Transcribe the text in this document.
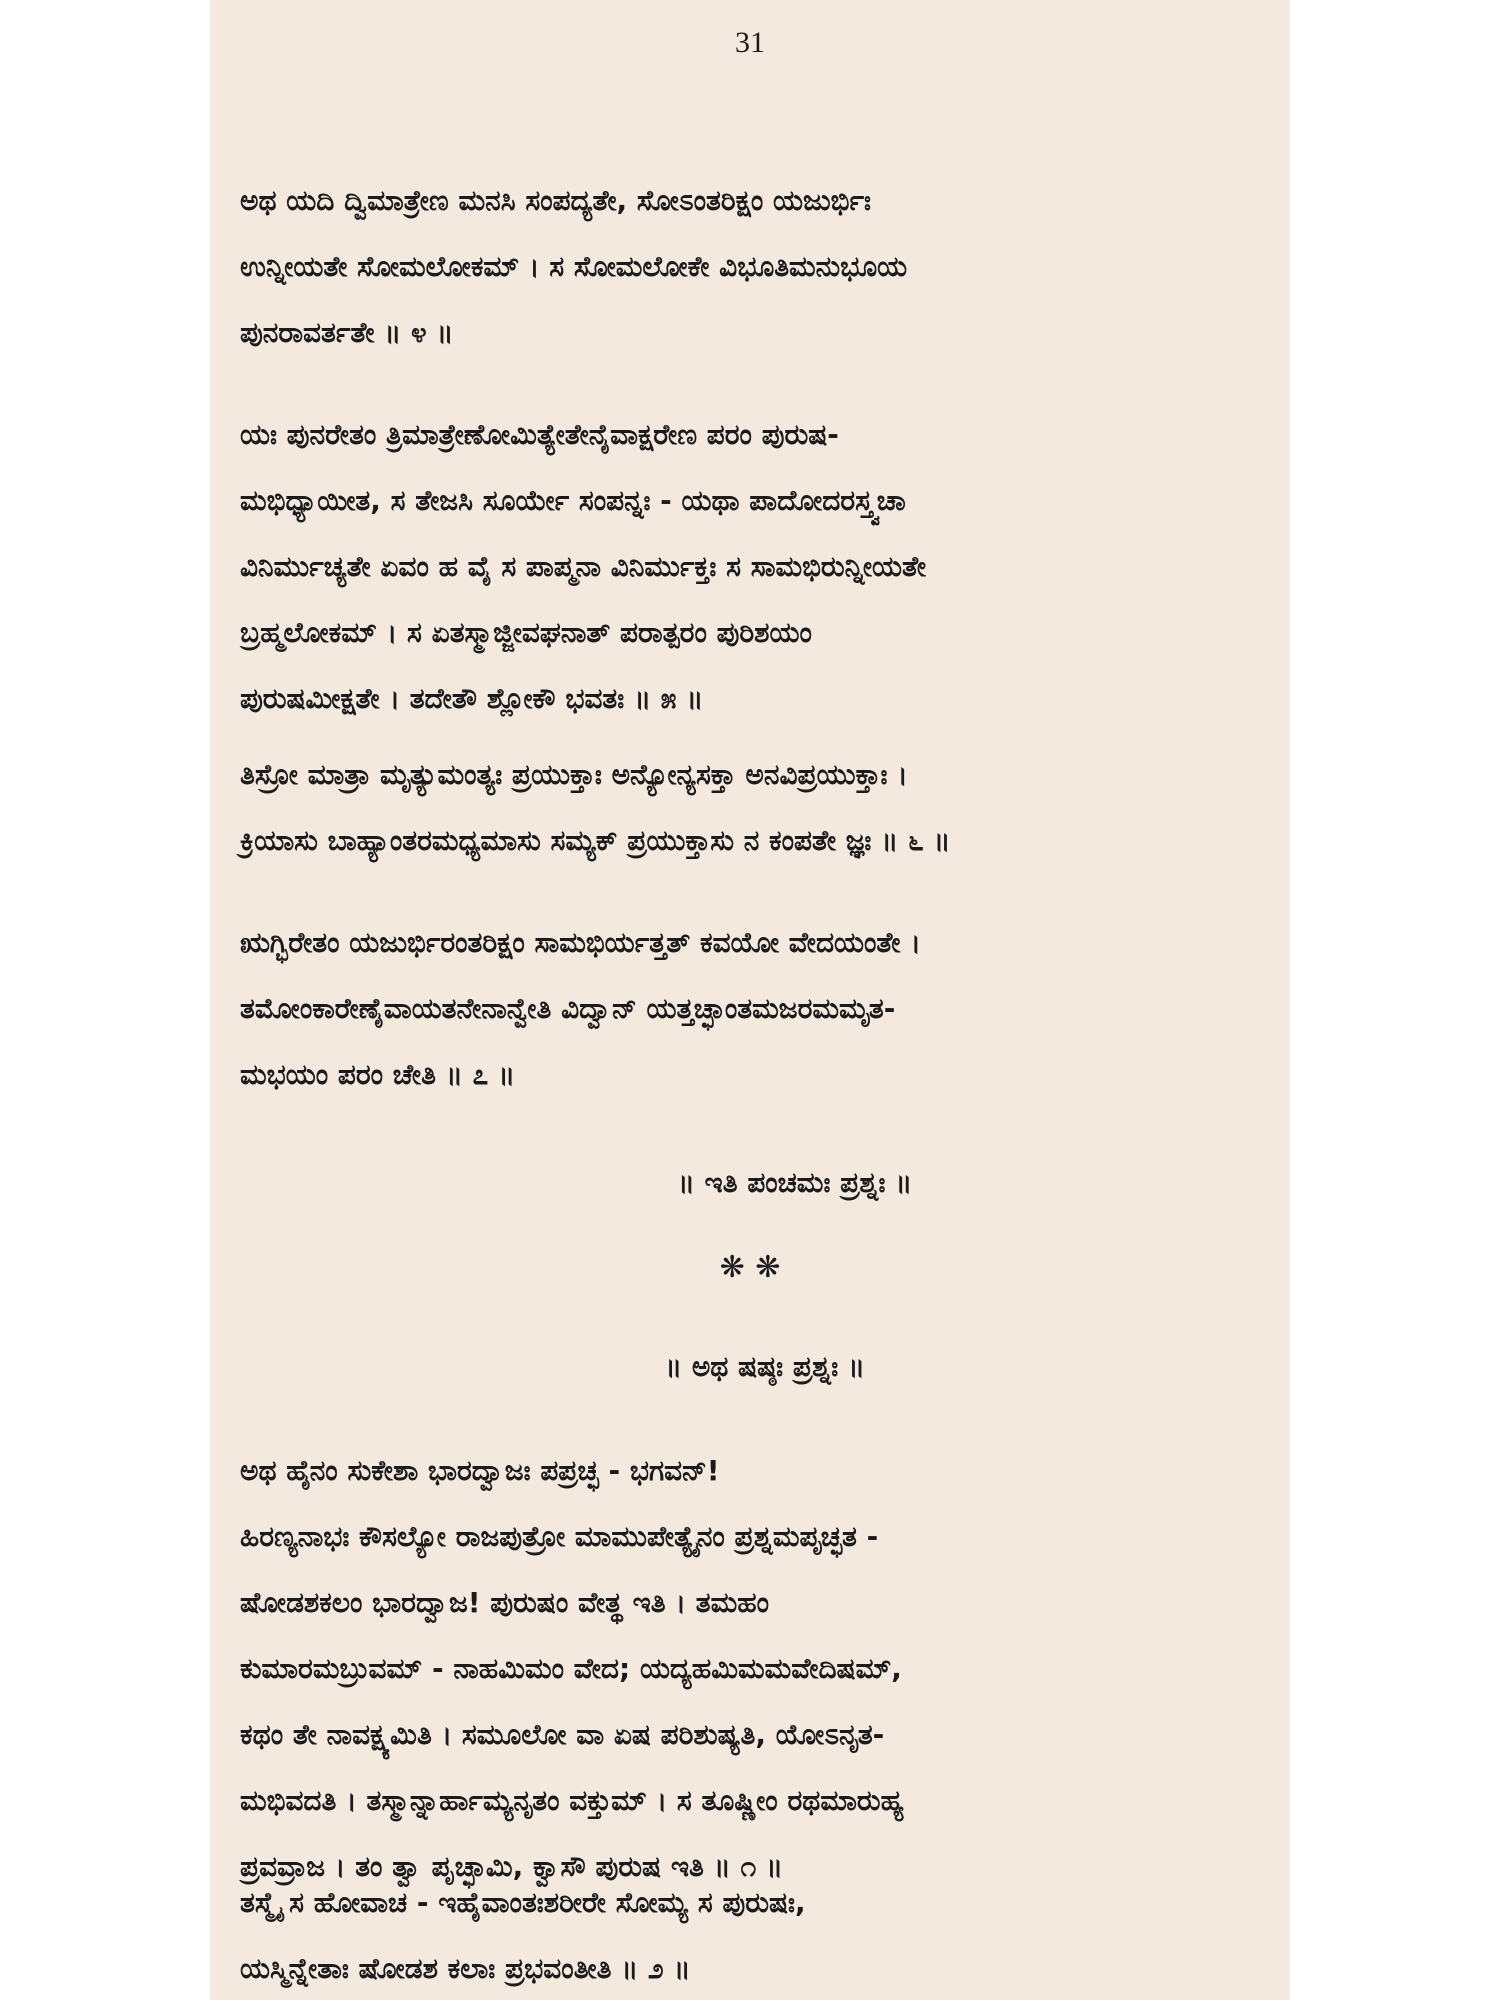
31
ಅಥ ಯದಿ ದ್ವಿಮಾತ್ರೇಣ ಮನಸಿ ಸಂಪದ್ಯತೇ, ಸೋಽಂತರಿಕ್ಷಂ ಯಜುರ್ಭಿಃ
ಉನ್ನೀಯತೇ ಸೋಮಲೋಕಮ್ । ಸ ಸೋಮಲೋಕೇ ವಿಭೂತಿಮನುಭೂಯ
ಪುನರಾವರ್ತತೇ ॥ ೪ ॥
ಯಃ ಪುನರೇತಂ ತ್ರಿಮಾತ್ರೇಣೋಮಿತ್ಯೇತೇನೈವಾಕ್ಷರೇಣ ಪರಂ ಪುರುಷ-
ಮಭಿಧ್ಯಾಯೀತ, ಸ ತೇಜಸಿ ಸೂರ್ಯೇ ಸಂಪನ್ನಃ - ಯಥಾ ಪಾದೋದರಸ್ತ್ವಚಾ
ವಿನಿರ್ಮುಚ್ಯತೇ ಏವಂ ಹ ವೈ ಸ ಪಾಪ್ಮನಾ ವಿನಿರ್ಮುಕ್ತಃ ಸ ಸಾಮಭಿರುನ್ನೀಯತೇ
ಬ್ರಹ್ಮಲೋಕಮ್ । ಸ ಏತಸ್ಮಾಜ್ಜೀವಘನಾತ್ ಪರಾತ್ಪರಂ ಪುರಿಶಯಂ
ಪುರುಷಮೀಕ್ಷತೇ । ತದೇತೌ ಶ್ಲೋಕೌ ಭವತಃ ॥ ೫ ॥
ತಿಸ್ರೋ ಮಾತ್ರಾ ಮೃತ್ಯುಮಂತ್ಯಃ ಪ್ರಯುಕ್ತಾಃ ಅನ್ಯೋನ್ಯಸಕ್ತಾ ಅನವಿಪ್ರಯುಕ್ತಾಃ ।
ಕ್ರಿಯಾಸು ಬಾಹ್ಯಾಂತರಮಧ್ಯಮಾಸು ಸಮ್ಯಕ್ ಪ್ರಯುಕ್ತಾಸು ನ ಕಂಪತೇ ಜ್ಞಃ ॥ ೬ ॥
ಋಗ್ಭಿರೇತಂ ಯಜುರ್ಭಿರಂತರಿಕ್ಷಂ ಸಾಮಭಿರ್ಯತ್ತತ್ ಕವಯೋ ವೇದಯಂತೇ ।
ತಮೋಂಕಾರೇಣೈವಾಯತನೇನಾನ್ವೇತಿ ವಿದ್ವಾನ್ ಯತ್ತಚ್ಛಾಂತಮಜರಮಮೃತ-
ಮಭಯಂ ಪರಂ ಚೇತಿ ॥ ೭ ॥
॥ ಇತಿ ಪಂಚಮಃ ಪ್ರಶ್ನಃ ॥
❋ ❋
॥ ಅಥ ಷಷ್ಠಃ ಪ್ರಶ್ನಃ ॥
ಅಥ ಹೈನಂ ಸುಕೇಶಾ ಭಾರದ್ವಾಜಃ ಪಪ್ರಚ್ಛ - ಭಗವನ್!
ಹಿರಣ್ಯನಾಭಃ ಕೌಸಲ್ಯೋ ರಾಜಪುತ್ರೋ ಮಾಮುಪೇತ್ಯೈನಂ ಪ್ರಶ್ನಮಪೃಚ್ಛತ -
ಷೋಡಶಕಲಂ ಭಾರದ್ವಾಜ! ಪುರುಷಂ ವೇತ್ಥ ಇತಿ । ತಮಹಂ
ಕುಮಾರಮಬ್ರುವಮ್ - ನಾಹಮಿಮಂ ವೇದ; ಯದ್ಯಹಮಿಮಮವೇದಿಷಮ್,
ಕಥಂ ತೇ ನಾವಕ್ಷ್ಯಮಿತಿ । ಸಮೂಲೋ ವಾ ಏಷ ಪರಿಶುಷ್ಯತಿ, ಯೋಽನೃತ-
ಮಭಿವದತಿ । ತಸ್ಮಾನ್ನಾರ್ಹಾಮ್ಯನೃತಂ ವಕ್ತುಮ್ । ಸ ತೂಷ್ಣೀಂ ರಥಮಾರುಹ್ಯ
ಪ್ರವವ್ರಾಜ । ತಂ ತ್ವಾ ಪೃಚ್ಛಾಮಿ, ಕ್ವಾಸೌ ಪುರುಷ ಇತಿ ॥ ೧ ॥
ತಸ್ಮೈ ಸ ಹೋವಾಚ - ಇಹೈವಾಂತಃಶರೀರೇ ಸೋಮ್ಯ ಸ ಪುರುಷಃ,
ಯಸ್ಮಿನ್ನೇತಾಃ ಷೋಡಶ ಕಲಾಃ ಪ್ರಭವಂತೀತಿ ॥ ೨ ॥
